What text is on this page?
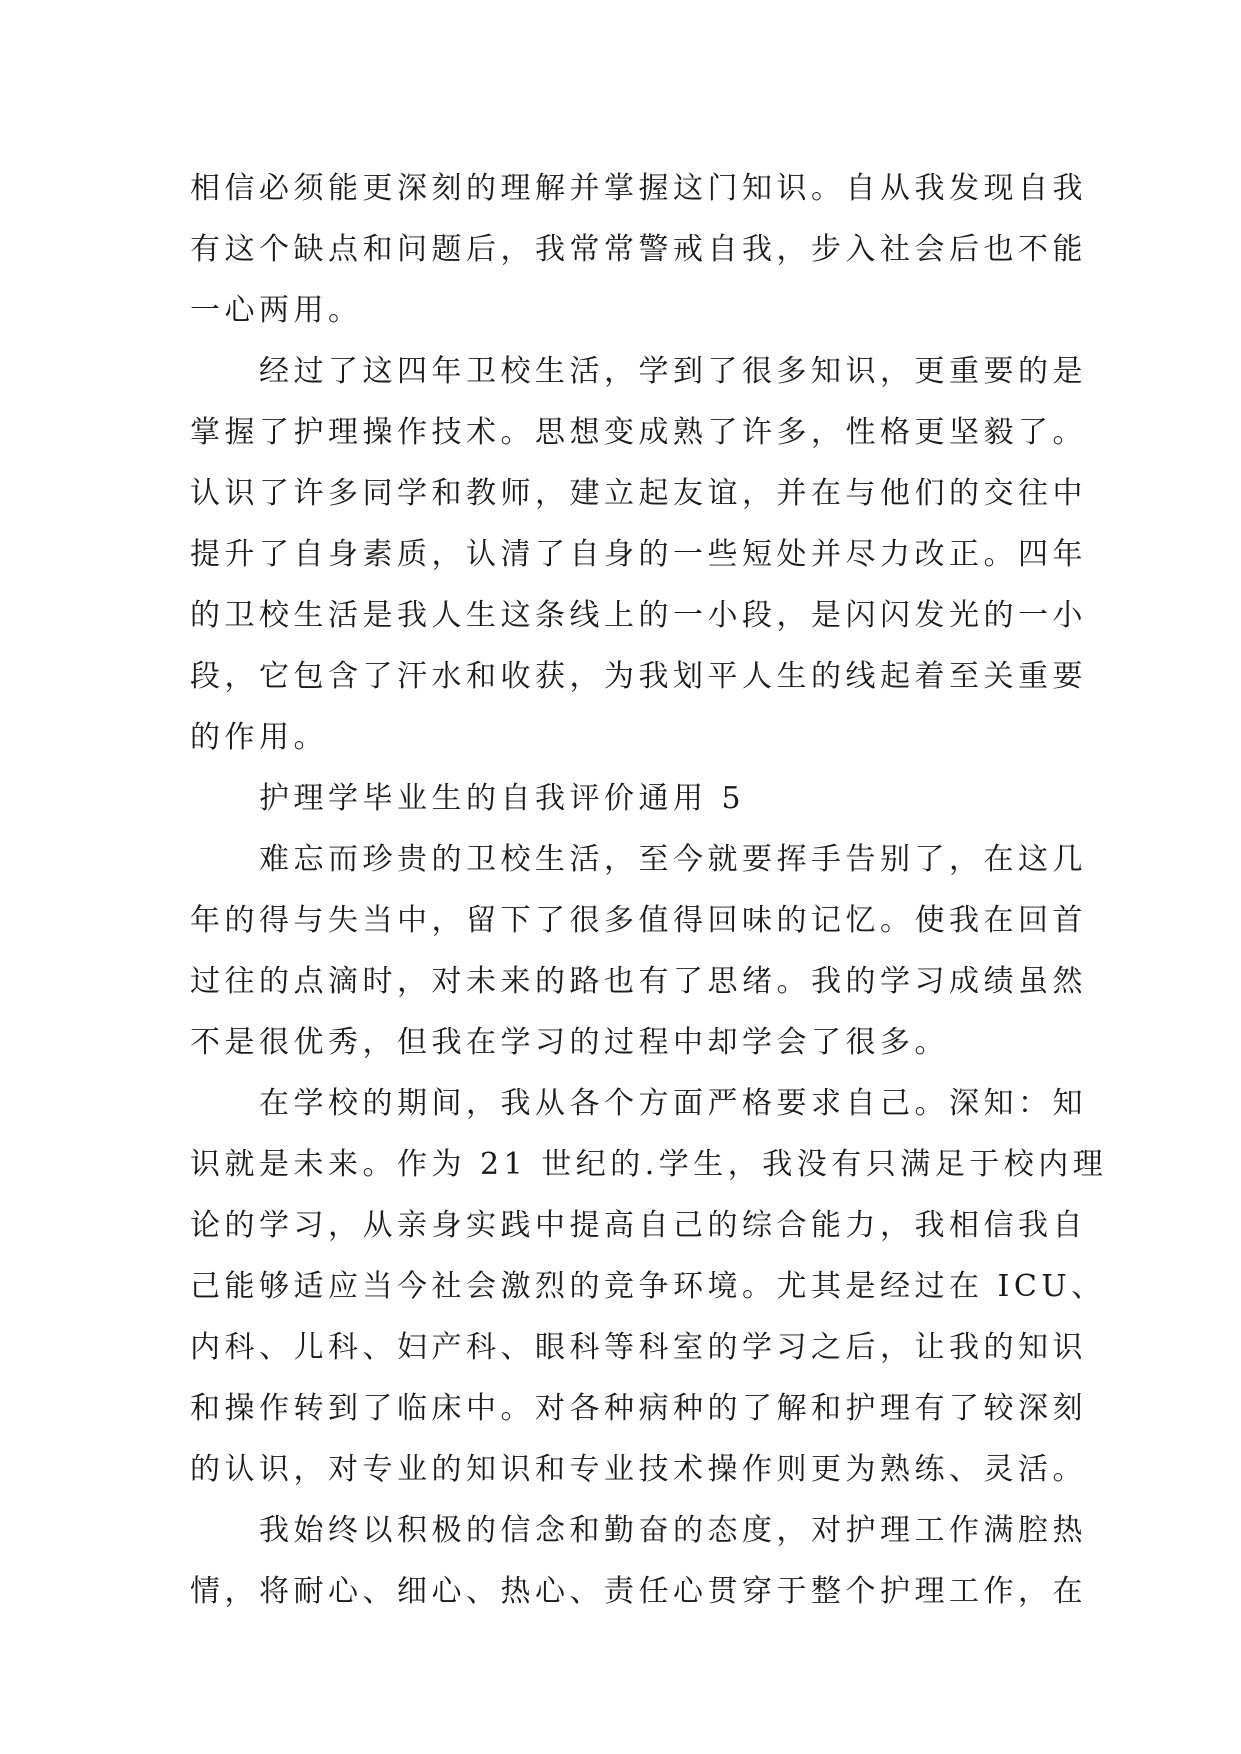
相信必须能更深刻的理解并掌握这门知识。自从我发现自我
有这个缺点和问题后，我常常警戒自我，步入社会后也不能
一心两用。
经过了这四年卫校生活，学到了很多知识，更重要的是
掌握了护理操作技术。思想变成熟了许多，性格更坚毅了。
认识了许多同学和教师，建立起友谊，并在与他们的交往中
提升了自身素质，认清了自身的一些短处并尽力改正。四年
的卫校生活是我人生这条线上的一小段，是闪闪发光的一小
段，它包含了汗水和收获，为我划平人生的线起着至关重要
的作用。
护理学毕业生的自我评价通用 5
难忘而珍贵的卫校生活，至今就要挥手告别了，在这几
年的得与失当中，留下了很多值得回味的记忆。使我在回首
过往的点滴时，对未来的路也有了思绪。我的学习成绩虽然
不是很优秀，但我在学习的过程中却学会了很多。
在学校的期间，我从各个方面严格要求自己。深知：知
识就是未来。作为 21 世纪的.学生，我没有只满足于校内理
论的学习，从亲身实践中提高自己的综合能力，我相信我自
己能够适应当今社会激烈的竞争环境。尤其是经过在 ICU、
内科、儿科、妇产科、眼科等科室的学习之后，让我的知识
和操作转到了临床中。对各种病种的了解和护理有了较深刻
的认识，对专业的知识和专业技术操作则更为熟练、灵活。
我始终以积极的信念和勤奋的态度，对护理工作满腔热
情，将耐心、细心、热心、责任心贯穿于整个护理工作，在
